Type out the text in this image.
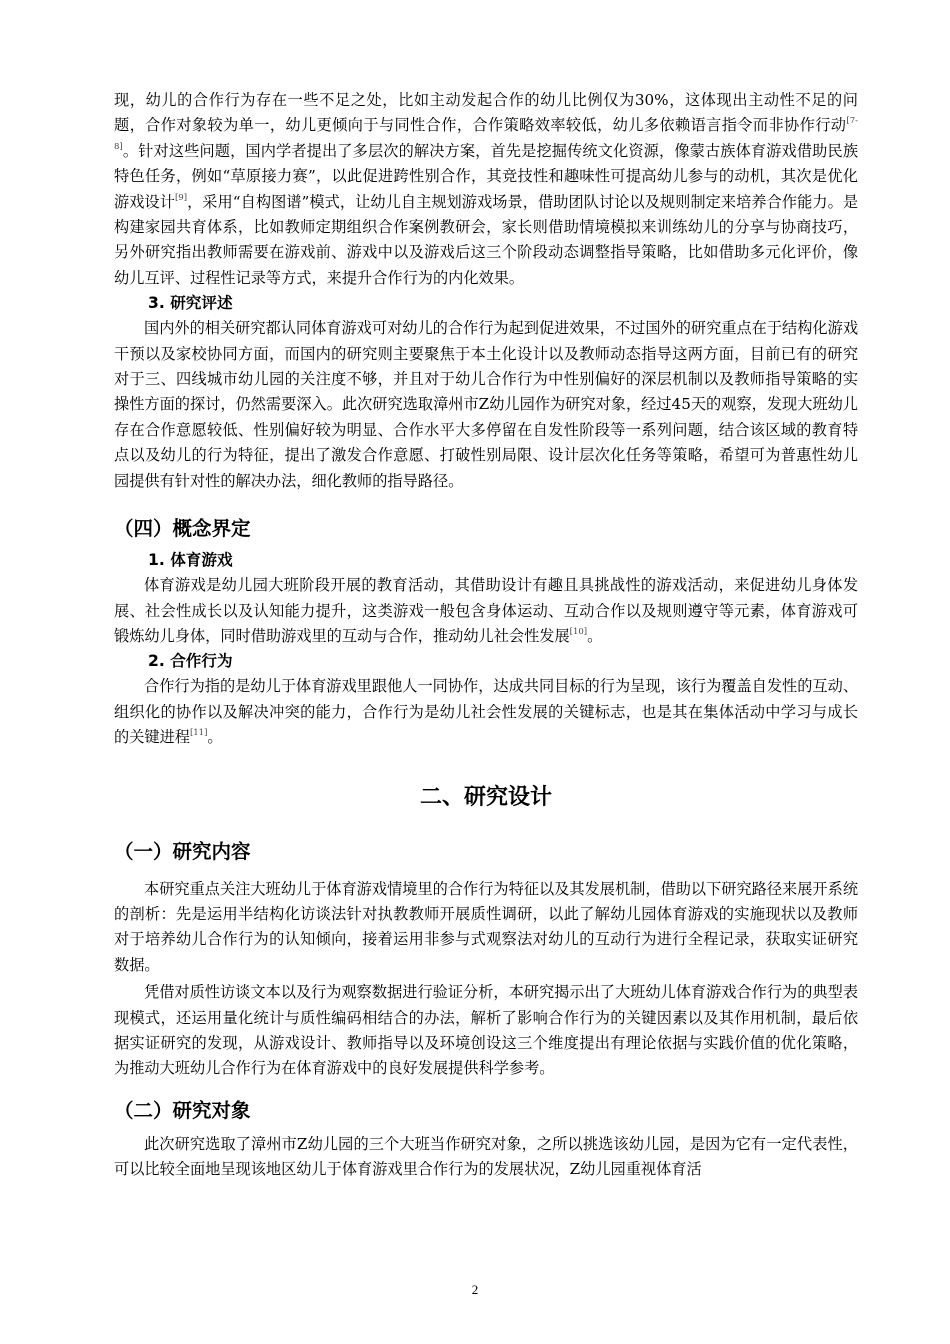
现，幼儿的合作行为存在一些不足之处，比如主动发起合作的幼儿比例仅为30%，这体现出主动性不足的问题，合作对象较为单一，幼儿更倾向于与同性合作，合作策略效率较低，幼儿多依赖语言指令而非协作行动[7-8]。针对这些问题，国内学者提出了多层次的解决方案，首先是挖掘传统文化资源，像蒙古族体育游戏借助民族特色任务，例如“草原接力赛”，以此促进跨性别合作，其竞技性和趣味性可提高幼儿参与的动机，其次是优化游戏设计[9]，采用“自构图谱”模式，让幼儿自主规划游戏场景，借助团队讨论以及规则制定来培养合作能力。是构建家园共育体系，比如教师定期组织合作案例教研会，家长则借助情境模拟来训练幼儿的分享与协商技巧，另外研究指出教师需要在游戏前、游戏中以及游戏后这三个阶段动态调整指导策略，比如借助多元化评价，像幼儿互评、过程性记录等方式，来提升合作行为的内化效果。

3. 研究评述

国内外的相关研究都认同体育游戏可对幼儿的合作行为起到促进效果，不过国外的研究重点在于结构化游戏干预以及家校协同方面，而国内的研究则主要聚焦于本土化设计以及教师动态指导这两方面，目前已有的研究对于三、四线城市幼儿园的关注度不够，并且对于幼儿合作行为中性别偏好的深层机制以及教师指导策略的实操性方面的探讨，仍然需要深入。此次研究选取漳州市Z幼儿园作为研究对象，经过45天的观察，发现大班幼儿存在合作意愿较低、性别偏好较为明显、合作水平大多停留在自发性阶段等一系列问题，结合该区域的教育特点以及幼儿的行为特征，提出了激发合作意愿、打破性别局限、设计层次化任务等策略，希望可为普惠性幼儿园提供有针对性的解决办法，细化教师的指导路径。

（四）概念界定
1. 体育游戏

体育游戏是幼儿园大班阶段开展的教育活动，其借助设计有趣且具挑战性的游戏活动，来促进幼儿身体发展、社会性成长以及认知能力提升，这类游戏一般包含身体运动、互动合作以及规则遵守等元素，体育游戏可锻炼幼儿身体，同时借助游戏里的互动与合作，推动幼儿社会性发展[10]。

2. 合作行为

合作行为指的是幼儿于体育游戏里跟他人一同协作，达成共同目标的行为呈现，该行为覆盖自发性的互动、组织化的协作以及解决冲突的能力，合作行为是幼儿社会性发展的关键标志，也是其在集体活动中学习与成长的关键进程[11]。

二、研究设计
（一）研究内容

本研究重点关注大班幼儿于体育游戏情境里的合作行为特征以及其发展机制，借助以下研究路径来展开系统的剖析：先是运用半结构化访谈法针对执教教师开展质性调研，以此了解幼儿园体育游戏的实施现状以及教师对于培养幼儿合作行为的认知倾向，接着运用非参与式观察法对幼儿的互动行为进行全程记录，获取实证研究数据。

凭借对质性访谈文本以及行为观察数据进行验证分析，本研究揭示出了大班幼儿体育游戏合作行为的典型表现模式，还运用量化统计与质性编码相结合的办法，解析了影响合作行为的关键因素以及其作用机制，最后依据实证研究的发现，从游戏设计、教师指导以及环境创设这三个维度提出有理论依据与实践价值的优化策略，为推动大班幼儿合作行为在体育游戏中的良好发展提供科学参考。

（二）研究对象

此次研究选取了漳州市Z幼儿园的三个大班当作研究对象，之所以挑选该幼儿园，是因为它有一定代表性，可以比较全面地呈现该地区幼儿于体育游戏里合作行为的发展状况，Z幼儿园重视体育活

2
